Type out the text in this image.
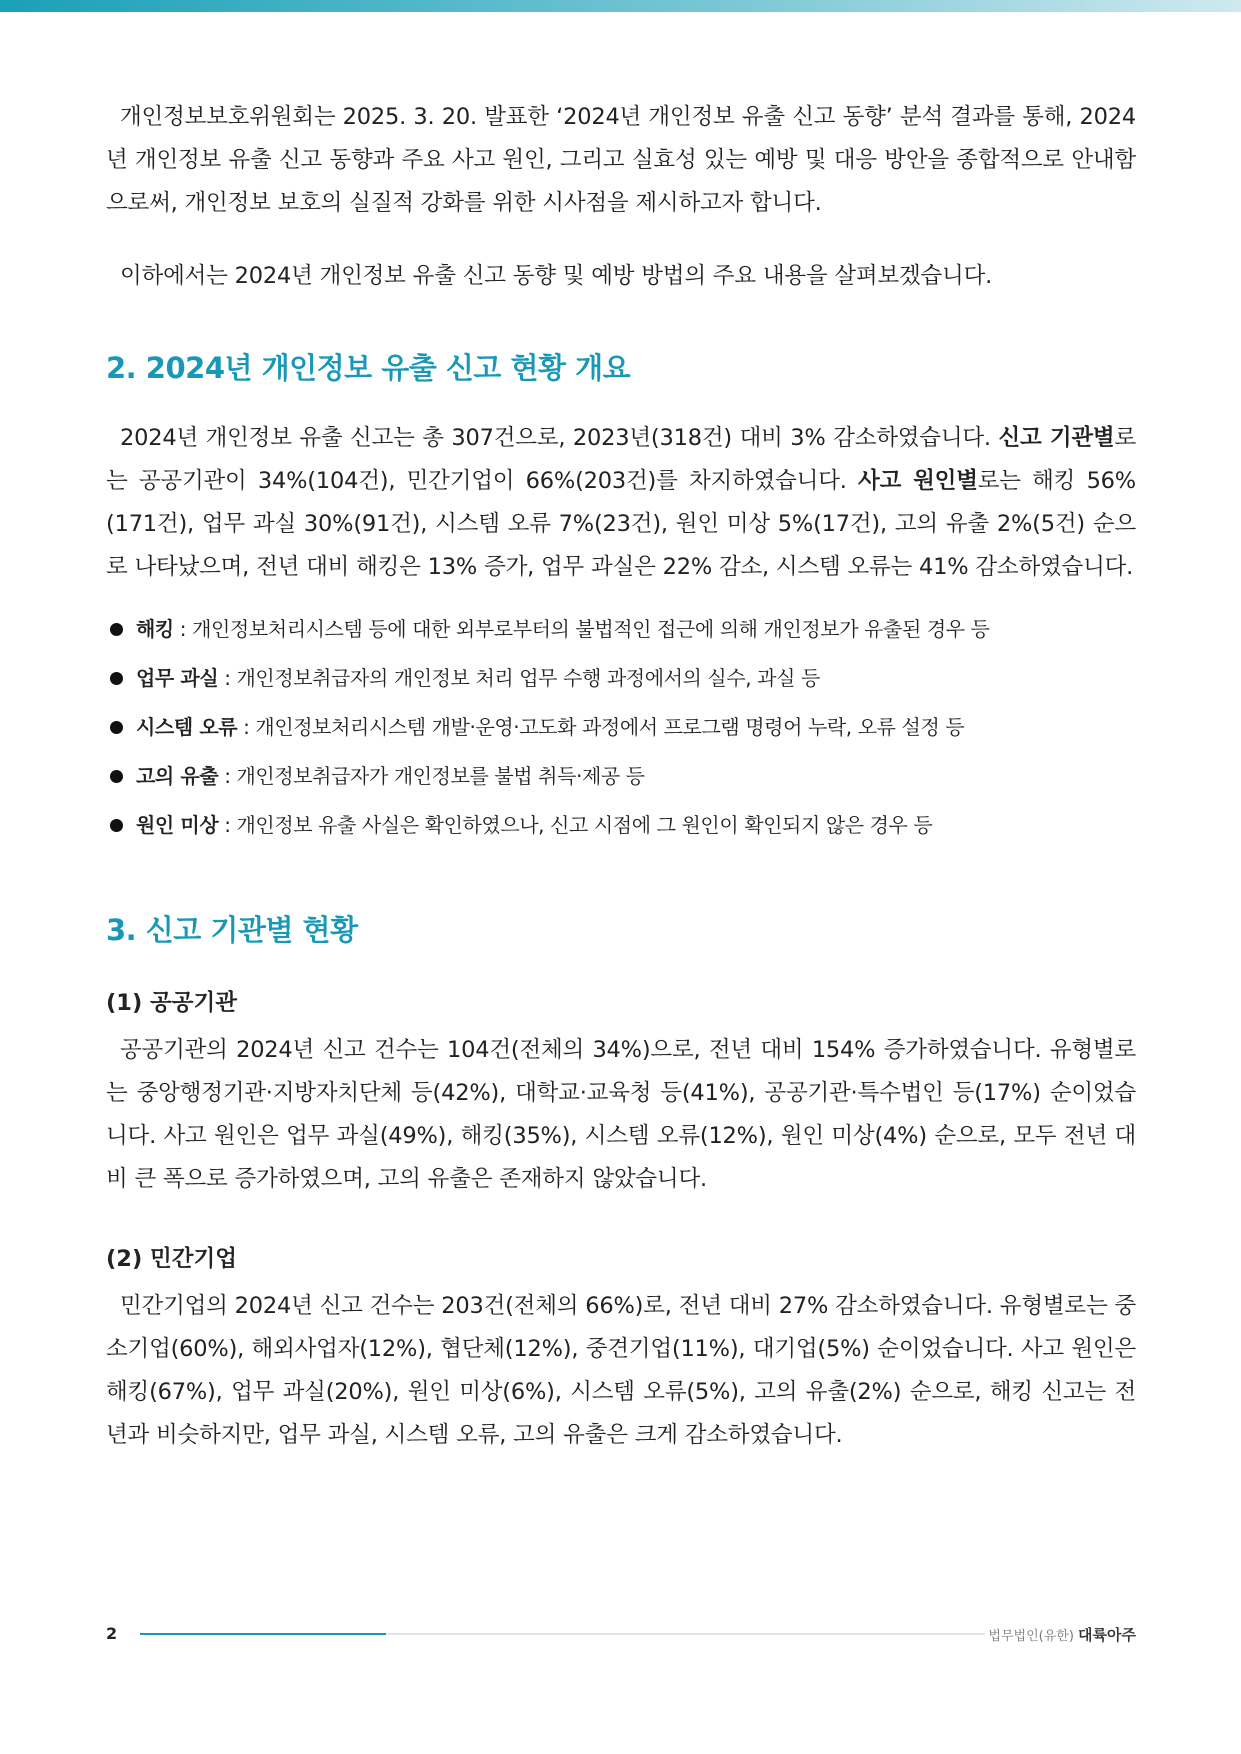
개인정보보호위원회는 2025. 3. 20. 발표한 ‘2024년 개인정보 유출 신고 동향’ 분석 결과를 통해, 2024년 개인정보 유출 신고 동향과 주요 사고 원인, 그리고 실효성 있는 예방 및 대응 방안을 종합적으로 안내함으로써, 개인정보 보호의 실질적 강화를 위한 시사점을 제시하고자 합니다.

이하에서는 2024년 개인정보 유출 신고 동향 및 예방 방법의 주요 내용을 살펴보겠습니다.

2. 2024년 개인정보 유출 신고 현황 개요

2024년 개인정보 유출 신고는 총 307건으로, 2023년(318건) 대비 3% 감소하였습니다. 신고 기관별로는 공공기관이 34%(104건), 민간기업이 66%(203건)를 차지하였습니다. 사고 원인별로는 해킹 56%(171건), 업무 과실 30%(91건), 시스템 오류 7%(23건), 원인 미상 5%(17건), 고의 유출 2%(5건) 순으로 나타났으며, 전년 대비 해킹은 13% 증가, 업무 과실은 22% 감소, 시스템 오류는 41% 감소하였습니다.

해킹 : 개인정보처리시스템 등에 대한 외부로부터의 불법적인 접근에 의해 개인정보가 유출된 경우 등
업무 과실 : 개인정보취급자의 개인정보 처리 업무 수행 과정에서의 실수, 과실 등
시스템 오류 : 개인정보처리시스템 개발·운영·고도화 과정에서 프로그램 명령어 누락, 오류 설정 등
고의 유출 : 개인정보취급자가 개인정보를 불법 취득·제공 등
원인 미상 : 개인정보 유출 사실은 확인하였으나, 신고 시점에 그 원인이 확인되지 않은 경우 등
3. 신고 기관별 현황
(1) 공공기관

공공기관의 2024년 신고 건수는 104건(전체의 34%)으로, 전년 대비 154% 증가하였습니다. 유형별로는 중앙행정기관·지방자치단체 등(42%), 대학교·교육청 등(41%), 공공기관·특수법인 등(17%) 순이었습니다. 사고 원인은 업무 과실(49%), 해킹(35%), 시스템 오류(12%), 원인 미상(4%) 순으로, 모두 전년 대비 큰 폭으로 증가하였으며, 고의 유출은 존재하지 않았습니다.

(2) 민간기업

민간기업의 2024년 신고 건수는 203건(전체의 66%)로, 전년 대비 27% 감소하였습니다. 유형별로는 중소기업(60%), 해외사업자(12%), 협단체(12%), 중견기업(11%), 대기업(5%) 순이었습니다. 사고 원인은 해킹(67%), 업무 과실(20%), 원인 미상(6%), 시스템 오류(5%), 고의 유출(2%) 순으로, 해킹 신고는 전년과 비슷하지만, 업무 과실, 시스템 오류, 고의 유출은 크게 감소하였습니다.

2	법무법인(유한) 대륙아주
